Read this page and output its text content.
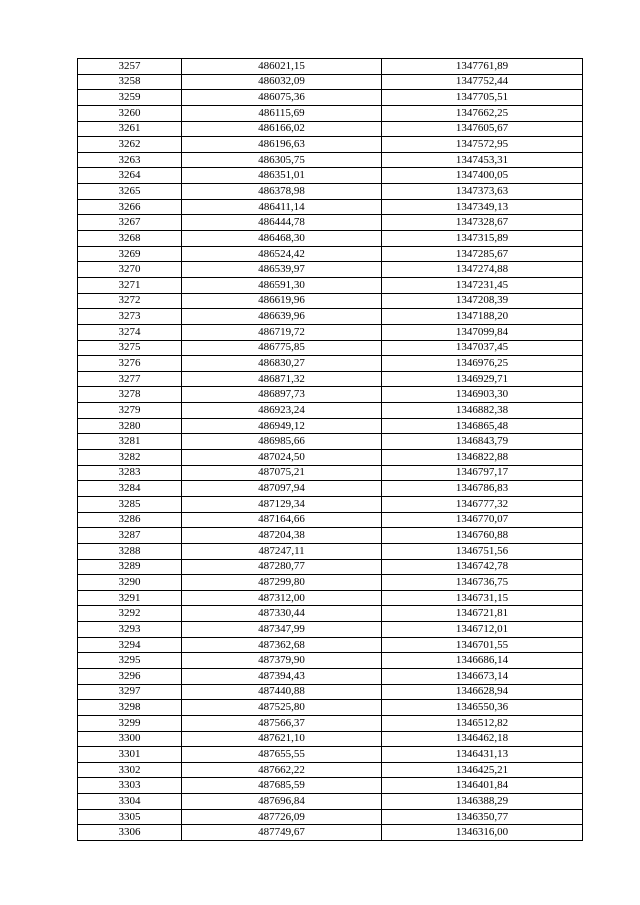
3257	486021,15	1347761,89
3258	486032,09	1347752,44
3259	486075,36	1347705,51
3260	486115,69	1347662,25
3261	486166,02	1347605,67
3262	486196,63	1347572,95
3263	486305,75	1347453,31
3264	486351,01	1347400,05
3265	486378,98	1347373,63
3266	486411,14	1347349,13
3267	486444,78	1347328,67
3268	486468,30	1347315,89
3269	486524,42	1347285,67
3270	486539,97	1347274,88
3271	486591,30	1347231,45
3272	486619,96	1347208,39
3273	486639,96	1347188,20
3274	486719,72	1347099,84
3275	486775,85	1347037,45
3276	486830,27	1346976,25
3277	486871,32	1346929,71
3278	486897,73	1346903,30
3279	486923,24	1346882,38
3280	486949,12	1346865,48
3281	486985,66	1346843,79
3282	487024,50	1346822,88
3283	487075,21	1346797,17
3284	487097,94	1346786,83
3285	487129,34	1346777,32
3286	487164,66	1346770,07
3287	487204,38	1346760,88
3288	487247,11	1346751,56
3289	487280,77	1346742,78
3290	487299,80	1346736,75
3291	487312,00	1346731,15
3292	487330,44	1346721,81
3293	487347,99	1346712,01
3294	487362,68	1346701,55
3295	487379,90	1346686,14
3296	487394,43	1346673,14
3297	487440,88	1346628,94
3298	487525,80	1346550,36
3299	487566,37	1346512,82
3300	487621,10	1346462,18
3301	487655,55	1346431,13
3302	487662,22	1346425,21
3303	487685,59	1346401,84
3304	487696,84	1346388,29
3305	487726,09	1346350,77
3306	487749,67	1346316,00
